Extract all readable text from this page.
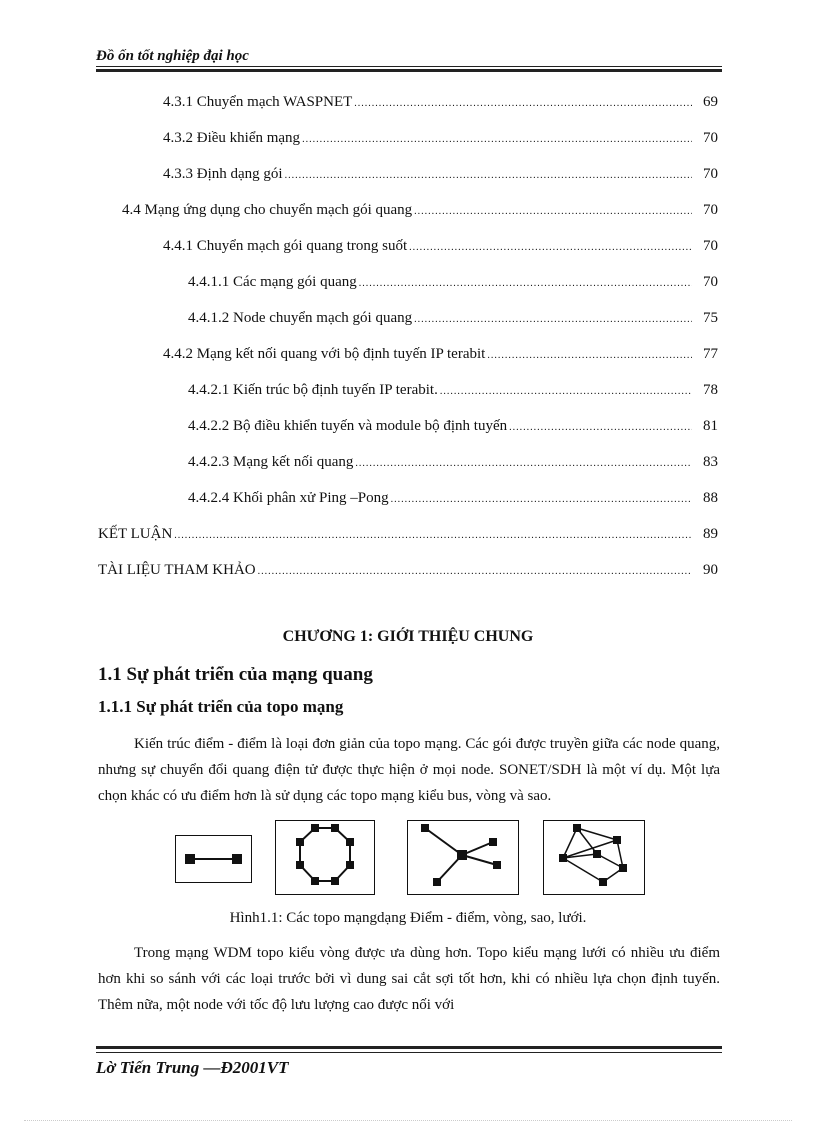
Đồ ốn tốt nghiệp đại học
4.3.1 Chuyển mạch WASPNET .....	69
4.3.2 Điều khiển mạng .....	70
4.3.3 Định dạng gói .....	70
4.4 Mạng ứng dụng cho chuyển mạch gói quang .....	70
4.4.1 Chuyển mạch gói quang trong suốt .....	70
4.4.1.1 Các mạng gói quang .....	70
4.4.1.2 Node chuyển mạch gói quang .....	75
4.4.2 Mạng kết nối quang với bộ định tuyến IP terabit .....	77
4.4.2.1 Kiến trúc bộ định tuyến IP terabit. .....	78
4.4.2.2 Bộ điều khiển tuyến và module bộ định tuyến .....	81
4.4.2.3 Mạng kết nối quang .....	83
4.4.2.4 Khối phân xử Ping –Pong .....	88
KẾT LUẬN .....	89
TÀI LIỆU THAM KHẢO .....	90
CHƯƠNG 1: GIỚI THIỆU CHUNG
1.1 Sự phát triển của mạng quang
1.1.1 Sự phát triển của topo mạng
Kiến trúc điểm - điểm là loại đơn giản của topo mạng. Các gói được truyền giữa các node quang, nhưng sự chuyển đổi quang điện tử được thực hiện ở mọi node. SONET/SDH là một ví dụ. Một lựa chọn khác có ưu điểm hơn là sử dụng các topo mạng kiểu bus, vòng và sao.
Hình1.1: Các topo mạngdạng Điểm - điểm, vòng, sao, lưới.
Trong mạng WDM topo kiểu vòng được ưa dùng hơn. Topo kiểu mạng lưới có nhiều ưu điểm hơn khi so sánh với các loại trước bởi vì dung sai cắt sợi tốt hơn, khi có nhiều lựa chọn định tuyến. Thêm nữa, một node với tốc độ lưu lượng cao được nối với
Lờ Tiến Trung —Đ2001VT
